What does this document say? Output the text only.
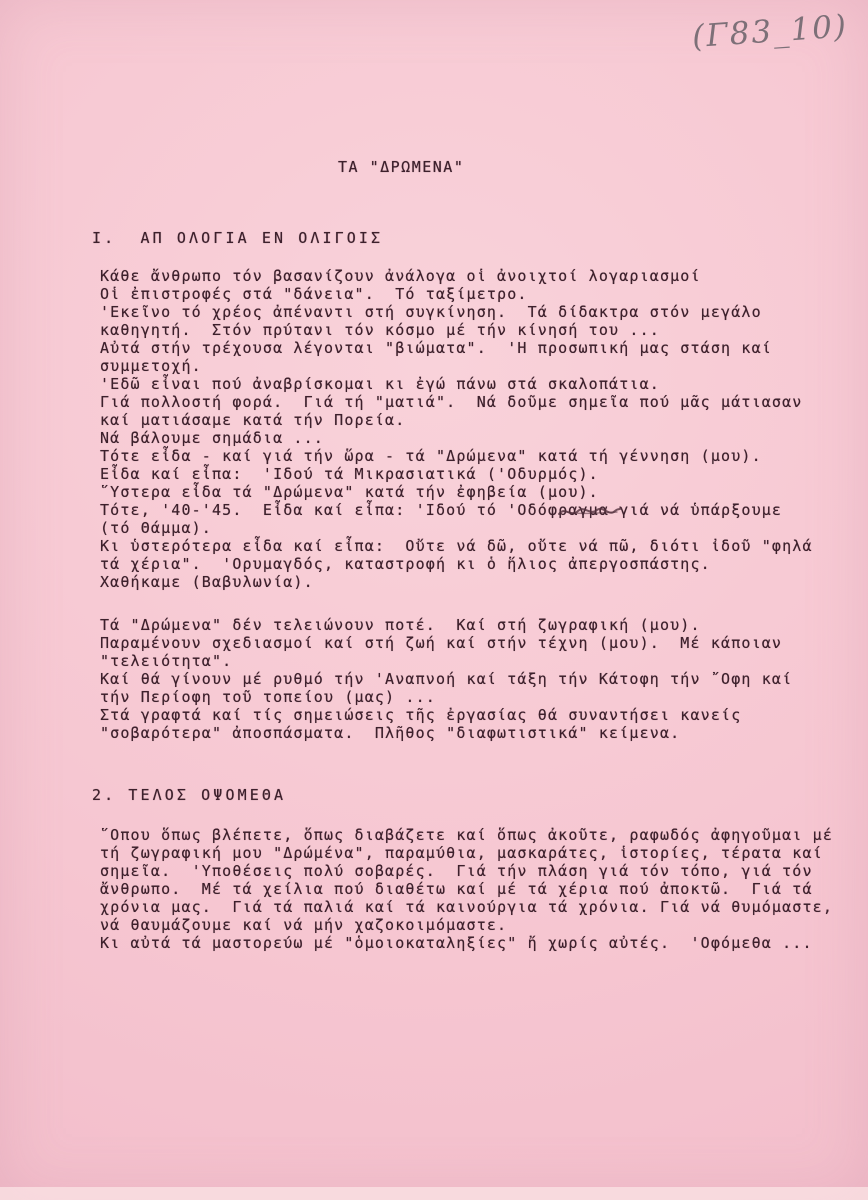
(Γ83_10)
ΤΑ "ΔΡΩΜΕΝΑ"
Ι.  ΑΠ ΟΛΟΓΙΑ ΕΝ ΟΛΙΓΟΙΣ
Κάθε ἄνθρωπο τόν βασανίζουν ἀνάλογα οἱ ἀνοιχτοί λογαριασμοί
Οἱ ἐπιστροφές στά "δάνεια".  Τό ταξίμετρο.
'Εκεῖνο τό χρέος ἀπέναντι στή συγκίνηση.  Τά δίδακτρα στόν μεγάλο
καθηγητή.  Στόν πρύτανι τόν κόσμο μέ τήν κίνησή του ...
Αὐτά στήν τρέχουσα λέγονται "βιώματα".  'Η προσωπική μας στάση καί
συμμετοχή.
'Εδῶ εἶναι πού ἀναβρίσκομαι κι ἐγώ πάνω στά σκαλοπάτια.
Γιά πολλοστή φορά.  Γιά τή "ματιά".  Νά δοῦμε σημεῖα πού μᾶς μάτιασαν
καί ματιάσαμε κατά τήν Πορεία.
Νά βάλουμε σημάδια ...
Τότε εἶδα - καί γιά τήν ὥρα - τά "Δρώμενα" κατά τή γέννηση (μου).
Εἶδα καί εἶπα:  'Ιδού τά Μικρασιατικά ('Οδυρμός).
῞Υστερα εἶδα τά "Δρώμενα" κατά τήν ἐφηβεία (μου).
Τότε, '40-'45.  Εἶδα καί εἶπα: 'Ιδού τό 'Οδόφραγμα γιά νά ὑπάρξουμε
(τό Θάμμα).
Κι ὑστερότερα εἶδα καί εἶπα:  Οὔτε νά δῶ, οὔτε νά πῶ, διότι ἰδοῦ "φηλά
τά χέρια".  'Ορυμαγδός, καταστροφή κι ὁ ἥλιος ἀπεργοσπάστης.
Χαθήκαμε (Βαβυλωνία).
Τά "Δρώμενα" δέν τελειώνουν ποτέ.  Καί στή ζωγραφική (μου).
Παραμένουν σχεδιασμοί καί στή ζωή καί στήν τέχνη (μου).  Μέ κάποιαν
"τελειότητα".
Καί θά γίνουν μέ ρυθμό τήν 'Αναπνοή καί τάξη τήν Κάτοφη τήν ῎Οφη καί
τήν Περίοφη τοῦ τοπείου (μας) ...
Στά γραφτά καί τίς σημειώσεις τῆς ἐργασίας θά συναντήσει κανείς
"σοβαρότερα" ἀποσπάσματα.  Πλῆθος "διαφωτιστικά" κείμενα.
2. ΤΕΛΟΣ ΟΨΟΜΕΘΑ
῞Οπου ὅπως βλέπετε, ὅπως διαβάζετε καί ὅπως ἀκοῦτε, ραφωδός ἀφηγοῦμαι μέ
τή ζωγραφική μου "Δρώμένα", παραμύθια, μασκαράτες, ἱστορίες, τέρατα καί
σημεῖα.  'Υποθέσεις πολύ σοβαρές.  Γιά τήν πλάση γιά τόν τόπο, γιά τόν
ἄνθρωπο.  Μέ τά χείλια πού διαθέτω καί μέ τά χέρια πού ἀποκτῶ.  Γιά τά
χρόνια μας.  Γιά τά παλιά καί τά καινούργια τά χρόνια. Γιά νά θυμόμαστε,
νά θαυμάζουμε καί νά μήν χαζοκοιμόμαστε.
Κι αὐτά τά μαστορεύω μέ "ὁμοιοκαταληξίες" ἤ χωρίς αὐτές.  'Οφόμεθα ...
